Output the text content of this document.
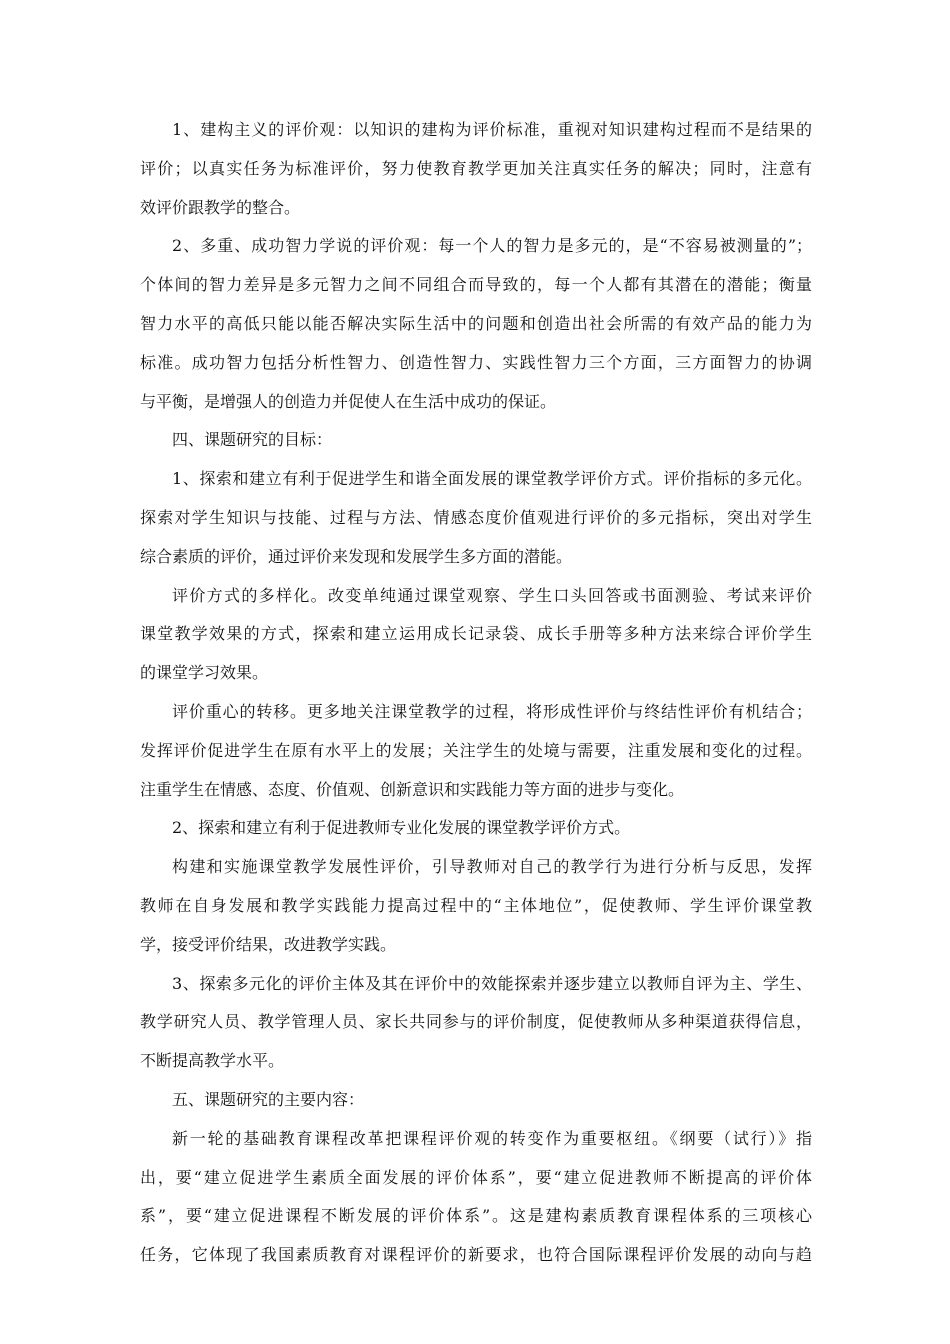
1、建构主义的评价观：以知识的建构为评价标准，重视对知识建构过程而不是结果的
评价；以真实任务为标准评价，努力使教育教学更加关注真实任务的解决；同时，注意有
效评价跟教学的整合。
2、多重、成功智力学说的评价观：每一个人的智力是多元的，是“不容易被测量的”；
个体间的智力差异是多元智力之间不同组合而导致的，每一个人都有其潜在的潜能；衡量
智力水平的高低只能以能否解决实际生活中的问题和创造出社会所需的有效产品的能力为
标准。成功智力包括分析性智力、创造性智力、实践性智力三个方面，三方面智力的协调
与平衡，是增强人的创造力并促使人在生活中成功的保证。
四、课题研究的目标：
1、探索和建立有利于促进学生和谐全面发展的课堂教学评价方式。评价指标的多元化。
探索对学生知识与技能、过程与方法、情感态度价值观进行评价的多元指标，突出对学生
综合素质的评价，通过评价来发现和发展学生多方面的潜能。
评价方式的多样化。改变单纯通过课堂观察、学生口头回答或书面测验、考试来评价
课堂教学效果的方式，探索和建立运用成长记录袋、成长手册等多种方法来综合评价学生
的课堂学习效果。
评价重心的转移。更多地关注课堂教学的过程，将形成性评价与终结性评价有机结合；
发挥评价促进学生在原有水平上的发展；关注学生的处境与需要，注重发展和变化的过程。
注重学生在情感、态度、价值观、创新意识和实践能力等方面的进步与变化。
2、探索和建立有利于促进教师专业化发展的课堂教学评价方式。
构建和实施课堂教学发展性评价，引导教师对自己的教学行为进行分析与反思，发挥
教师在自身发展和教学实践能力提高过程中的“主体地位”，促使教师、学生评价课堂教
学，接受评价结果，改进教学实践。
3、探索多元化的评价主体及其在评价中的效能探索并逐步建立以教师自评为主、学生、
教学研究人员、教学管理人员、家长共同参与的评价制度，促使教师从多种渠道获得信息，
不断提高教学水平。
五、课题研究的主要内容：
新一轮的基础教育课程改革把课程评价观的转变作为重要枢纽。《纲要（试行）》指
出，要“建立促进学生素质全面发展的评价体系”，要“建立促进教师不断提高的评价体
系”，要“建立促进课程不断发展的评价体系”。这是建构素质教育课程体系的三项核心
任务，它体现了我国素质教育对课程评价的新要求，也符合国际课程评价发展的动向与趋
